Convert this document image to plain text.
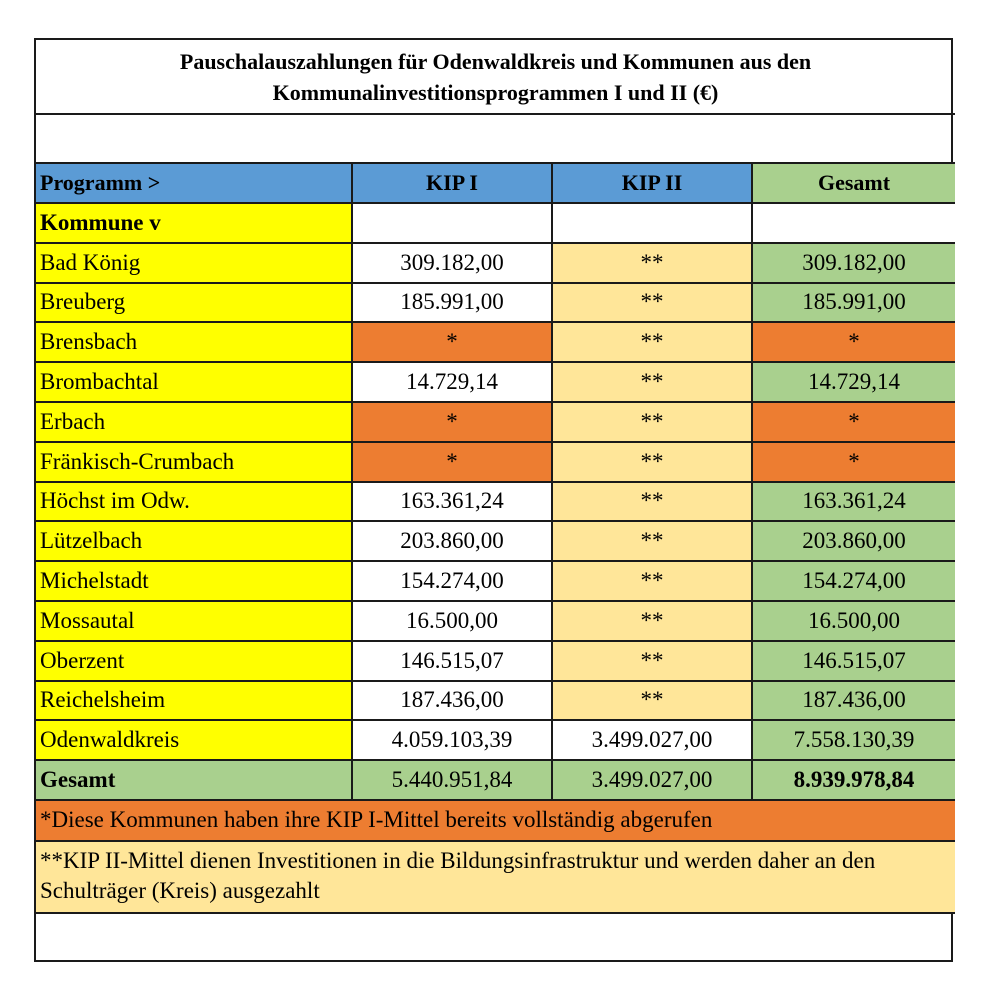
Pauschalauszahlungen für Odenwaldkreis und Kommunen aus den
Kommunalinvestitionsprogrammen I und II (€)			

Programm >	KIP I	KIP II	Gesamt
Kommune v			
Bad König	309.182,00	**	309.182,00
Breuberg	185.991,00	**	185.991,00
Brensbach	*	**	*
Brombachtal	14.729,14	**	14.729,14
Erbach	*	**	*
Fränkisch-Crumbach	*	**	*
Höchst im Odw.	163.361,24	**	163.361,24
Lützelbach	203.860,00	**	203.860,00
Michelstadt	154.274,00	**	154.274,00
Mossautal	16.500,00	**	16.500,00
Oberzent	146.515,07	**	146.515,07
Reichelsheim	187.436,00	**	187.436,00
Odenwaldkreis	4.059.103,39	3.499.027,00	7.558.130,39
Gesamt	5.440.951,84	3.499.027,00	8.939.978,84
*Diese Kommunen haben ihre KIP I-Mittel bereits vollständig abgerufen			
**KIP II-Mittel dienen Investitionen in die Bildungsinfrastruktur und werden daher an den Schulträger (Kreis) ausgezahlt			
